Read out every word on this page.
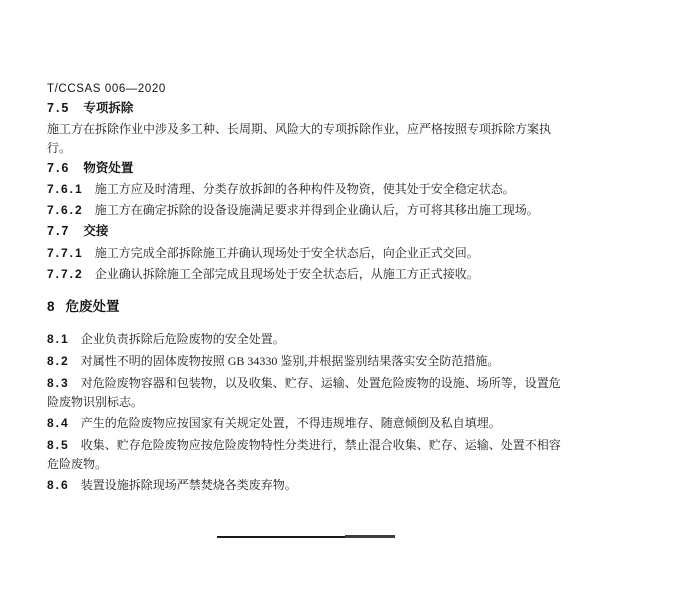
T/CCSAS 006—2020
7.5 专项拆除
施工方在拆除作业中涉及多工种、长周期、风险大的专项拆除作业，应严格按照专项拆除方案执
行。
7.6 物资处置
7.6.1 施工方应及时清理、分类存放拆卸的各种构件及物资，使其处于安全稳定状态。
7.6.2 施工方在确定拆除的设备设施满足要求并得到企业确认后，方可将其移出施工现场。
7.7 交接
7.7.1 施工方完成全部拆除施工并确认现场处于安全状态后，向企业正式交回。
7.7.2 企业确认拆除施工全部完成且现场处于安全状态后，从施工方正式接收。
8 危废处置
8.1 企业负责拆除后危险废物的安全处置。
8.2 对属性不明的固体废物按照 GB 34330 鉴别,并根据鉴别结果落实安全防范措施。
8.3 对危险废物容器和包装物，以及收集、贮存、运输、处置危险废物的设施、场所等，设置危
险废物识别标志。
8.4 产生的危险废物应按国家有关规定处置，不得违规堆存、随意倾倒及私自填埋。
8.5 收集、贮存危险废物应按危险废物特性分类进行，禁止混合收集、贮存、运输、处置不相容
危险废物。
8.6 装置设施拆除现场严禁焚烧各类废弃物。
